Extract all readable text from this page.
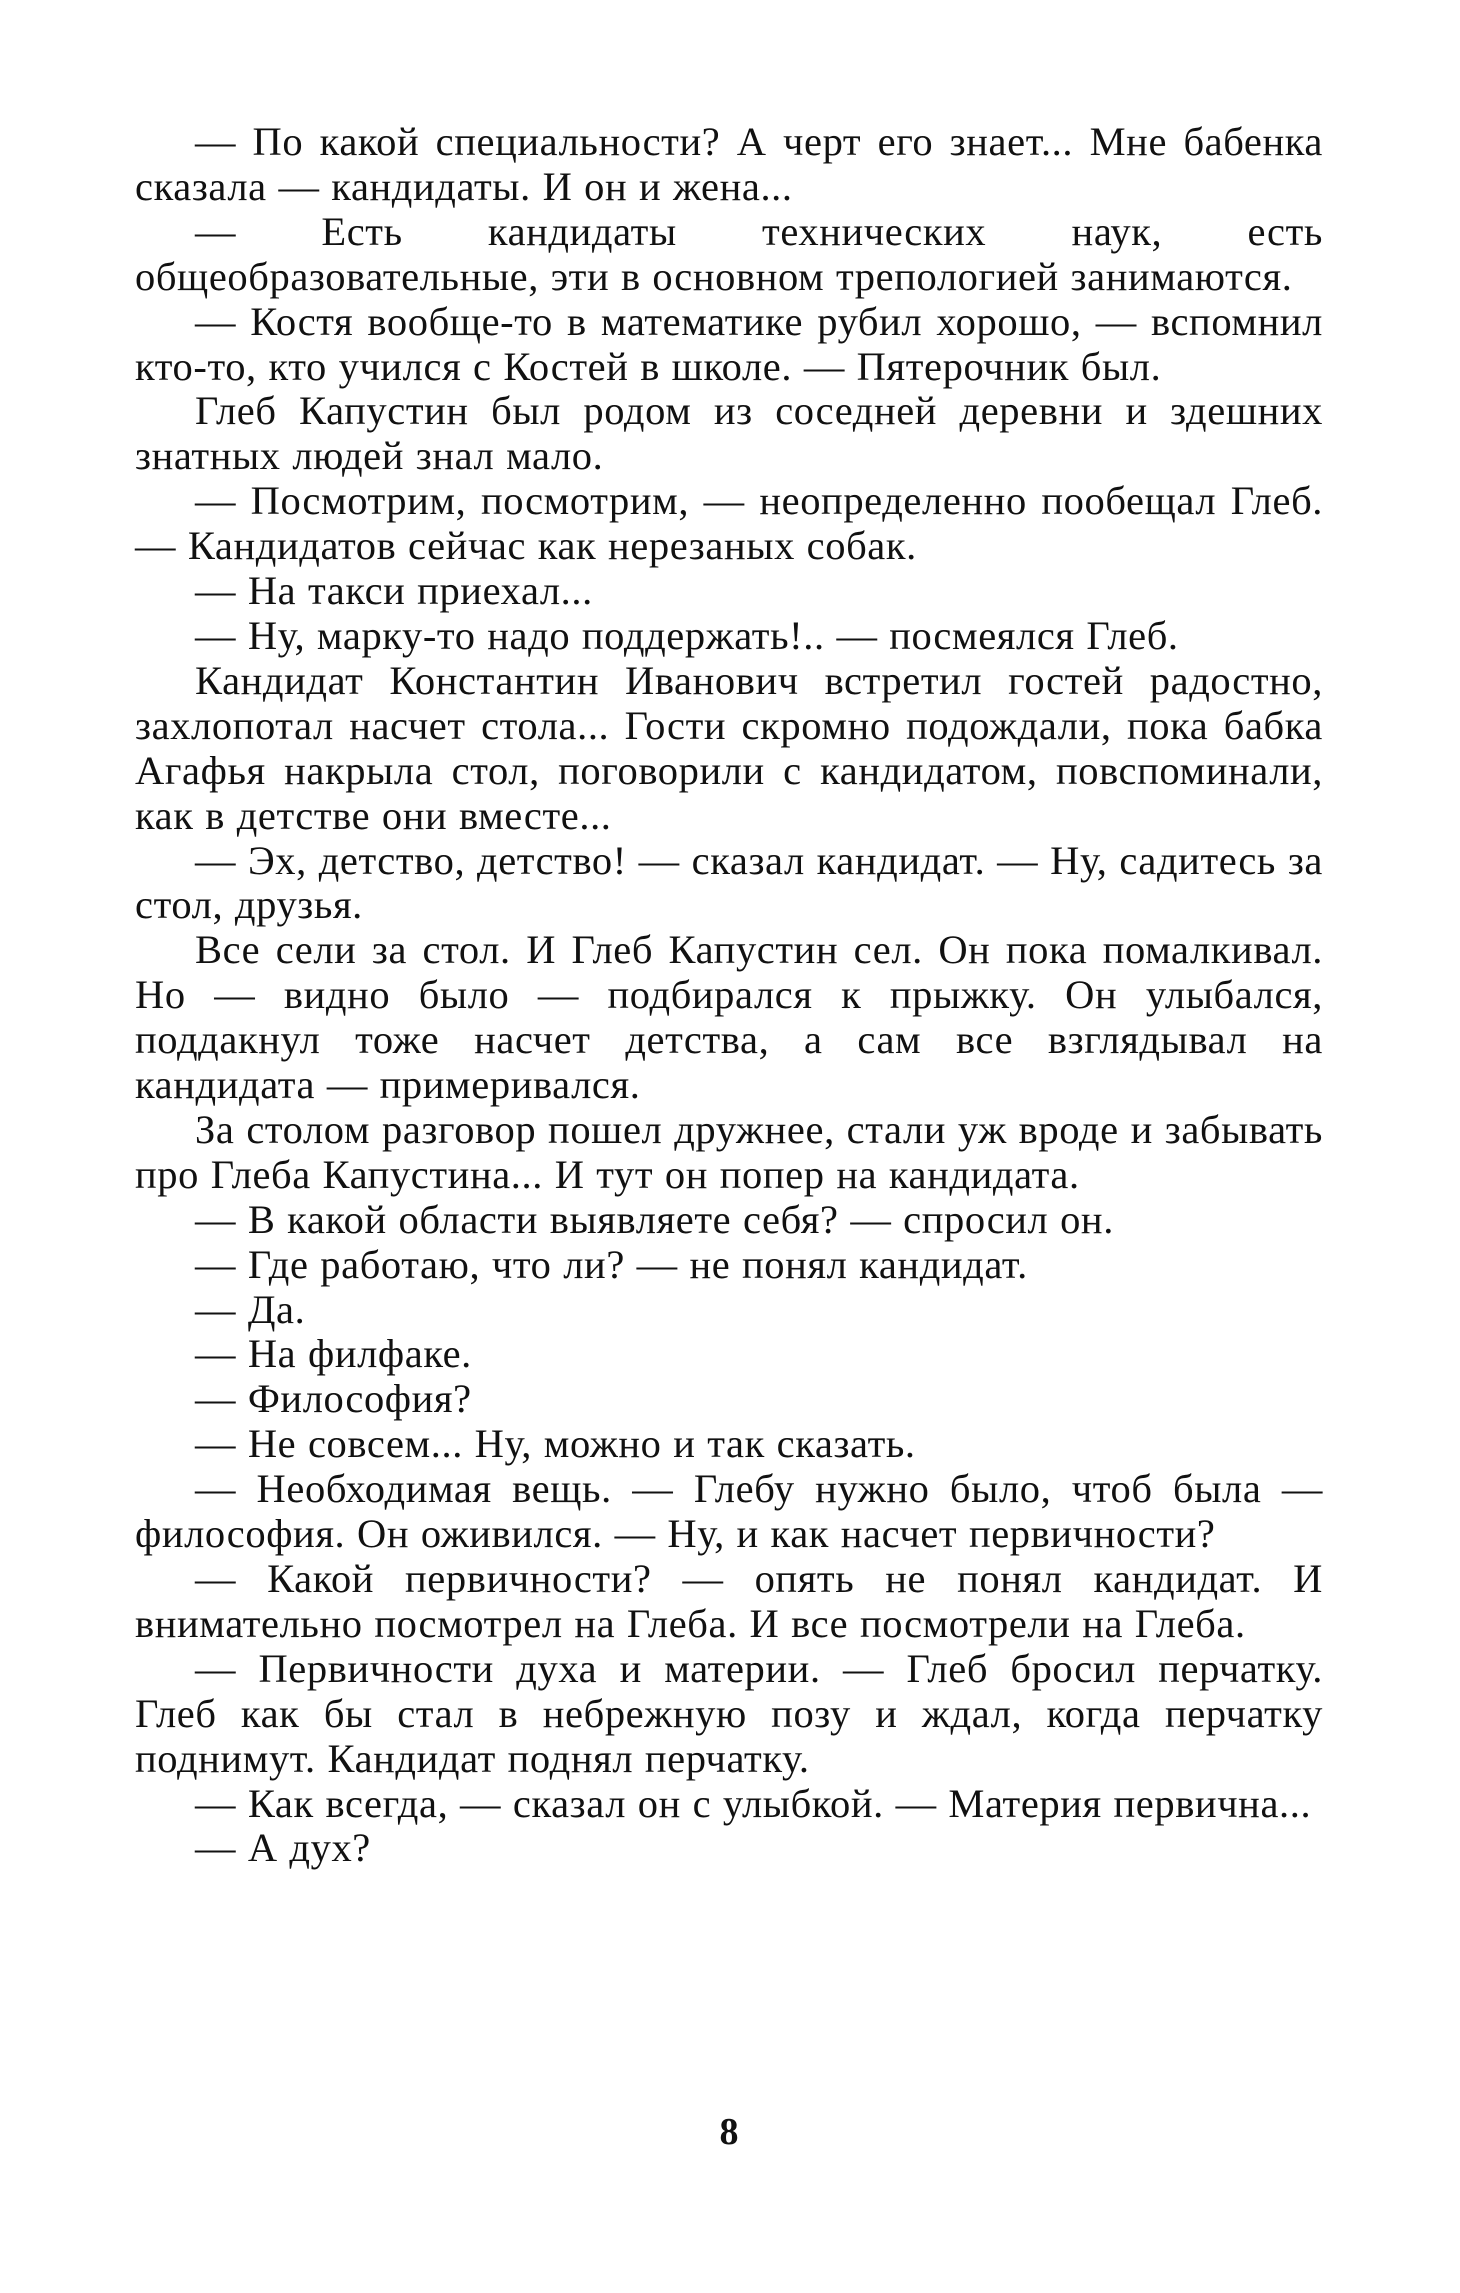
— По какой специальности? А черт его знает... Мне бабенка сказала — кандидаты. И он и жена...

— Есть кандидаты технических наук, есть общеобразовательные, эти в основном трепологией занимаются.

— Костя вообще-то в математике рубил хорошо, — вспомнил кто-то, кто учился с Костей в школе. — Пятерочник был.

Глеб Капустин был родом из соседней деревни и здешних знатных людей знал мало.

— Посмотрим, посмотрим, — неопределенно пообещал Глеб. — Кандидатов сейчас как нерезаных собак.

— На такси приехал...

— Ну, марку-то надо поддержать!.. — посмеялся Глеб.

Кандидат Константин Иванович встретил гостей радостно, захлопотал насчет стола... Гости скромно подождали, пока бабка Агафья накрыла стол, поговорили с кандидатом, повспоминали, как в детстве они вместе...

— Эх, детство, детство! — сказал кандидат. — Ну, садитесь за стол, друзья.

Все сели за стол. И Глеб Капустин сел. Он пока помалкивал. Но — видно было — подбирался к прыжку. Он улыбался, поддакнул тоже насчет детства, а сам все взглядывал на кандидата — примеривался.

За столом разговор пошел дружнее, стали уж вроде и забывать про Глеба Капустина... И тут он попер на кандидата.

— В какой области выявляете себя? — спросил он.

— Где работаю, что ли? — не понял кандидат.

— Да.

— На филфаке.

— Философия?

— Не совсем... Ну, можно и так сказать.

— Необходимая вещь. — Глебу нужно было, чтоб была — философия. Он оживился. — Ну, и как насчет первичности?

— Какой первичности? — опять не понял кандидат. И внимательно посмотрел на Глеба. И все посмотрели на Глеба.

— Первичности духа и материи. — Глеб бросил перчатку. Глеб как бы стал в небрежную позу и ждал, когда перчатку поднимут. Кандидат поднял перчатку.

— Как всегда, — сказал он с улыбкой. — Материя первична...

— А дух?

8
